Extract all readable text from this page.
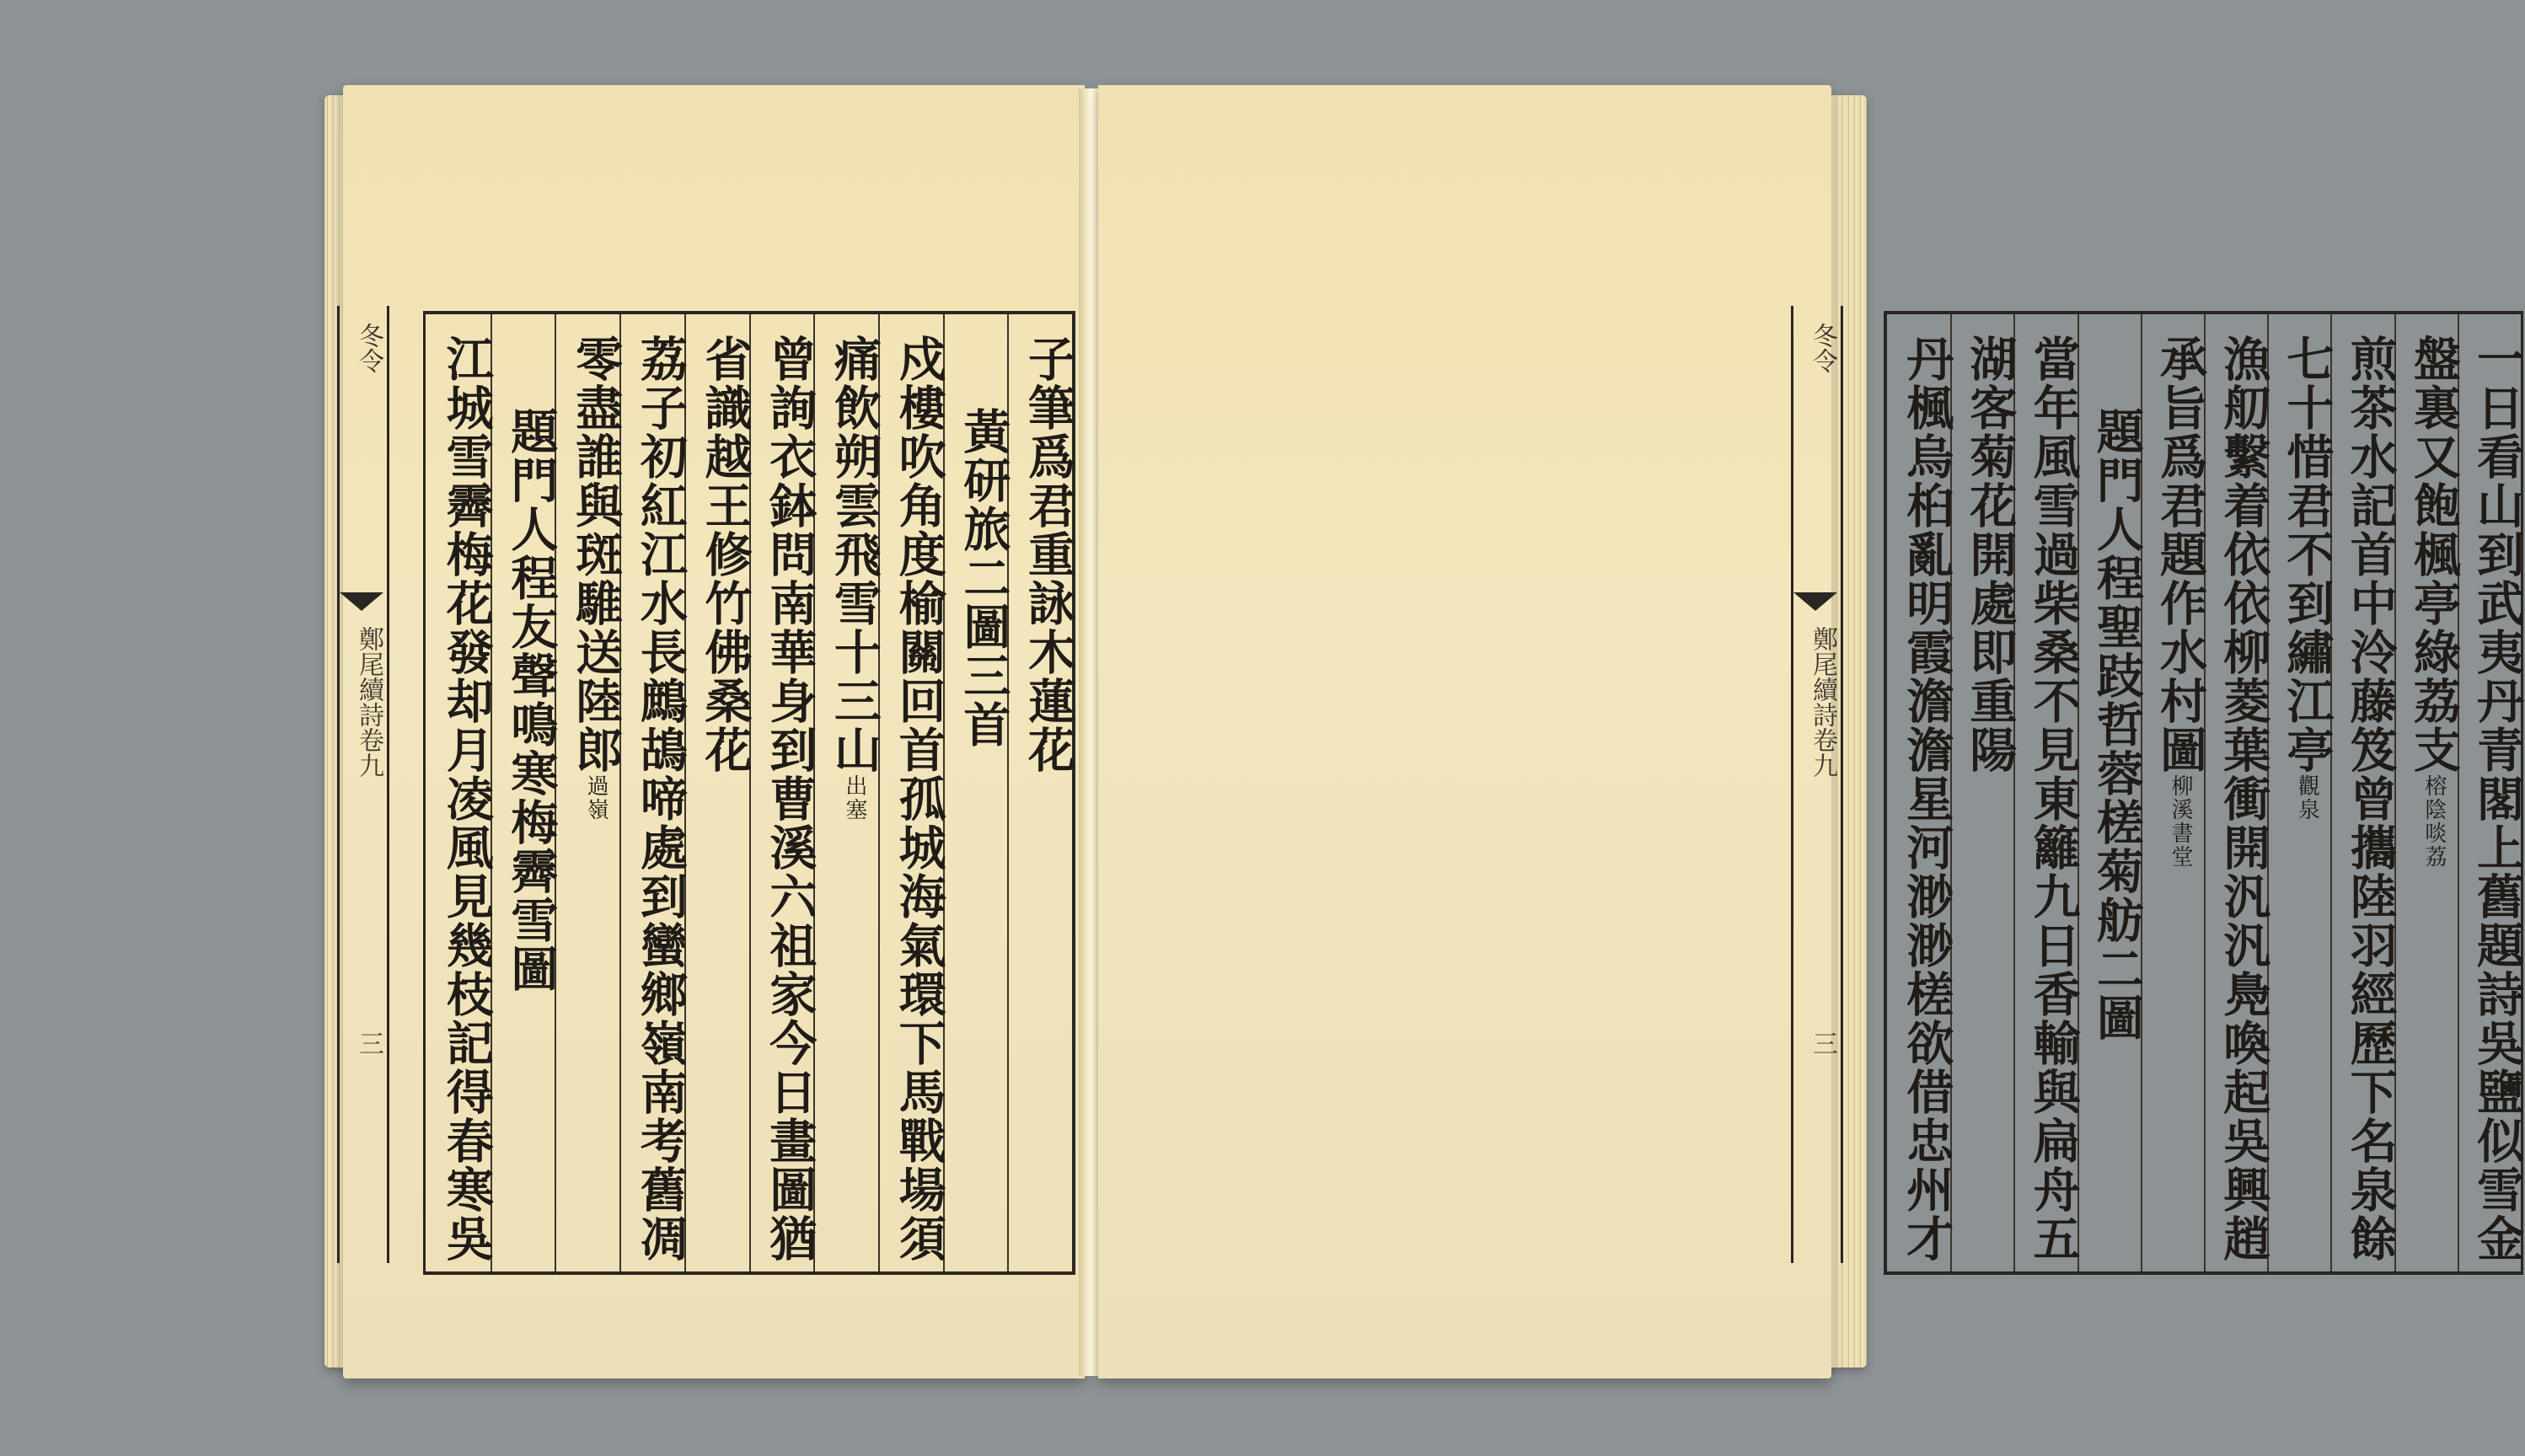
子筆爲君重詠木蓮花
黃研旅二圖三首
戍樓吹角度榆關回首孤城海氣環下馬戰場須
痛飲朔雲飛雪十三山出塞
曾詢衣鉢問南華身到曹溪六祖家今日畫圖猶
省識越王修竹佛桑花
荔子初紅江水長鷓鴣啼處到蠻鄉嶺南考舊凋
零盡誰與斑騅送陸郎過嶺
題門人程友聲鳴寒梅霽雪圖
江城雪霽梅花發却月凌風見幾枝記得春寒吳	一日看山到武夷丹青閣上舊題詩吳鹽似雪金
盤裏又飽楓亭綠荔支榕陰啖荔
煎茶水記首中泠藤笈曾攜陸羽經歷下名泉餘
七十惜君不到繡江亭觀泉
漁舠繫着依依柳菱葉衝開汎汎鳧喚起吳興趙
承旨爲君題作水村圖柳溪書堂
題門人程聖跂哲蓉槎菊舫二圖
當年風雪過柴桑不見東籬九日香輸與扁舟五
湖客菊花開處即重陽
丹楓烏桕亂明霞澹澹星河渺渺槎欲借忠州才
冬令
鄭尾續詩卷九
三
冬令
鄭尾續詩卷九
三
